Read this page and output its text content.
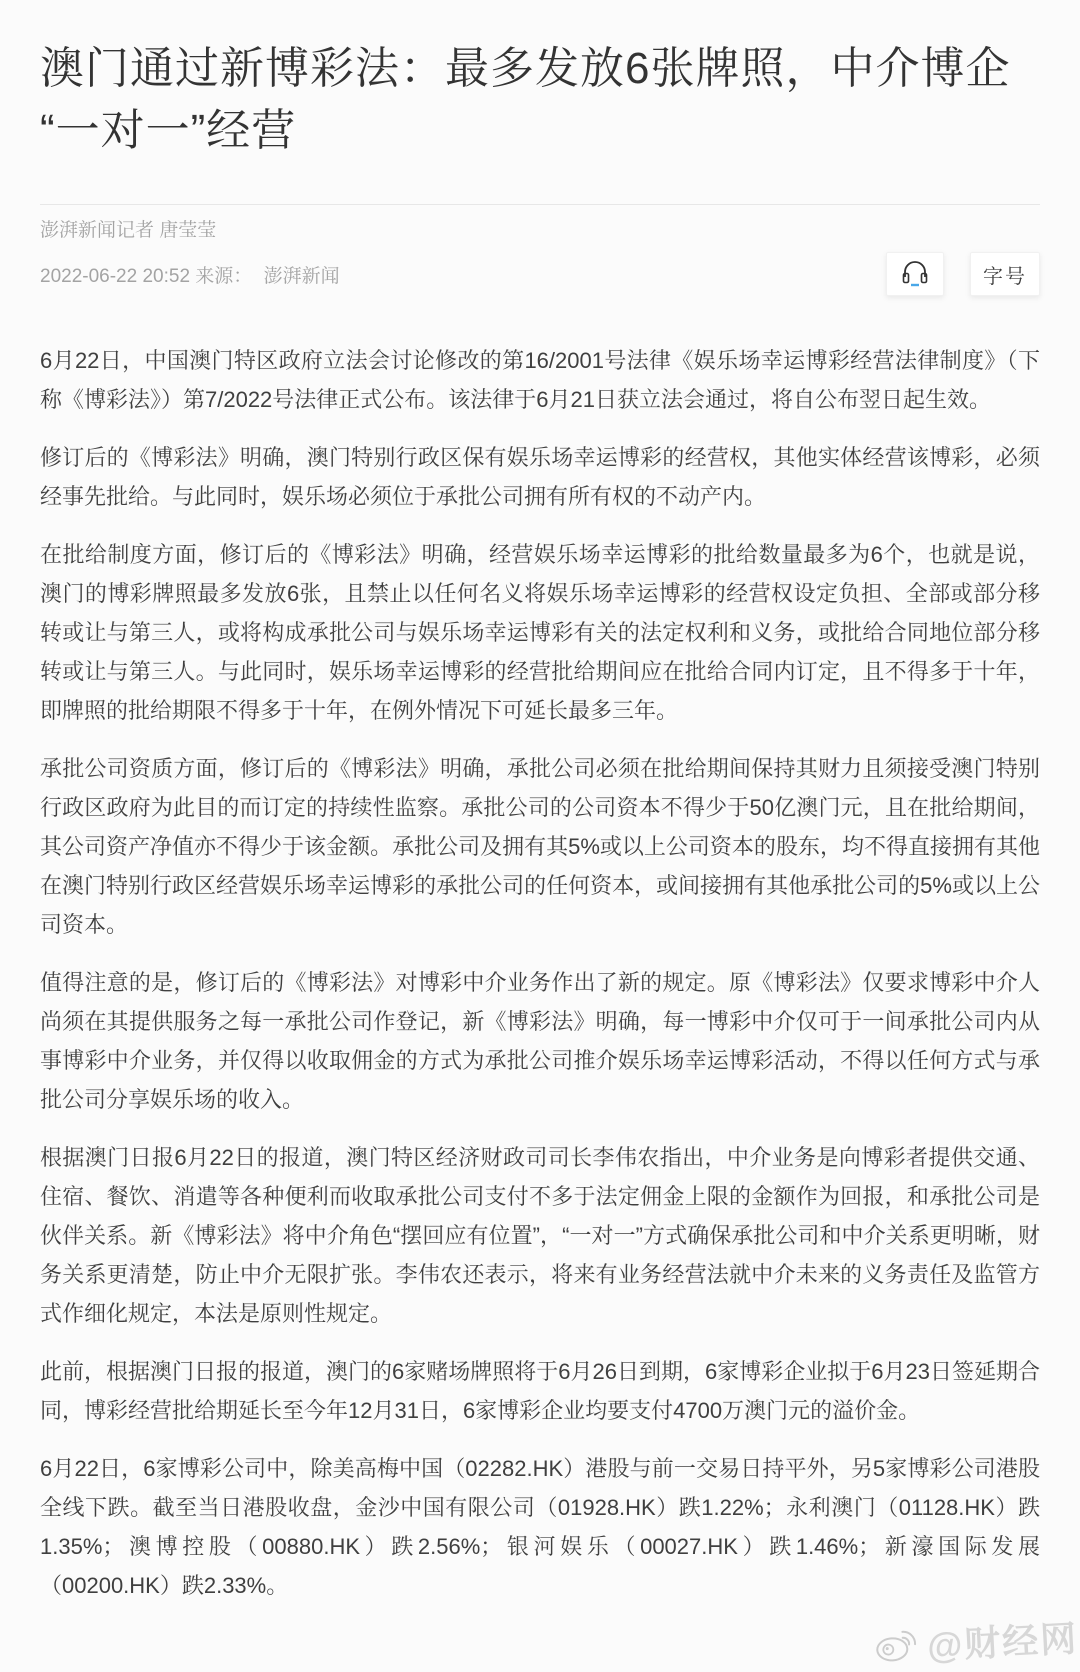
澳门通过新博彩法：最多发放6张牌照，中介博企“一对一”经营
澎湃新闻记者 唐莹莹
2022-06-22 20:52 来源： 澎湃新闻	字号

6月22日，中国澳门特区政府立法会讨论修改的第16/2001号法律《娱乐场幸运博彩经营法律制度》（下称《博彩法》）第7/2022号法律正式公布。该法律于6月21日获立法会通过，将自公布翌日起生效。

修订后的《博彩法》明确，澳门特别行政区保有娱乐场幸运博彩的经营权，其他实体经营该博彩，必须经事先批给。与此同时，娱乐场必须位于承批公司拥有所有权的不动产内。

在批给制度方面，修订后的《博彩法》明确，经营娱乐场幸运博彩的批给数量最多为6个，也就是说，澳门的博彩牌照最多发放6张，且禁止以任何名义将娱乐场幸运博彩的经营权设定负担、全部或部分移转或让与第三人，或将构成承批公司与娱乐场幸运博彩有关的法定权利和义务，或批给合同地位部分移转或让与第三人。与此同时，娱乐场幸运博彩的经营批给期间应在批给合同内订定，且不得多于十年，即牌照的批给期限不得多于十年，在例外情况下可延长最多三年。

承批公司资质方面，修订后的《博彩法》明确，承批公司必须在批给期间保持其财力且须接受澳门特别行政区政府为此目的而订定的持续性监察。承批公司的公司资本不得少于50亿澳门元，且在批给期间，其公司资产净值亦不得少于该金额。承批公司及拥有其5%或以上公司资本的股东，均不得直接拥有其他在澳门特别行政区经营娱乐场幸运博彩的承批公司的任何资本，或间接拥有其他承批公司的5%或以上公司资本。

值得注意的是，修订后的《博彩法》对博彩中介业务作出了新的规定。原《博彩法》仅要求博彩中介人尚须在其提供服务之每一承批公司作登记，新《博彩法》明确，每一博彩中介仅可于一间承批公司内从事博彩中介业务，并仅得以收取佣金的方式为承批公司推介娱乐场幸运博彩活动，不得以任何方式与承批公司分享娱乐场的收入。

根据澳门日报6月22日的报道，澳门特区经济财政司司长李伟农指出，中介业务是向博彩者提供交通、住宿、餐饮、消遣等各种便利而收取承批公司支付不多于法定佣金上限的金额作为回报，和承批公司是伙伴关系。新《博彩法》将中介角色“摆回应有位置”，“一对一”方式确保承批公司和中介关系更明晰，财务关系更清楚，防止中介无限扩张。李伟农还表示，将来有业务经营法就中介未来的义务责任及监管方式作细化规定，本法是原则性规定。

此前，根据澳门日报的报道，澳门的6家赌场牌照将于6月26日到期，6家博彩企业拟于6月23日签延期合同，博彩经营批给期延长至今年12月31日，6家博彩企业均要支付4700万澳门元的溢价金。

6月22日，6家博彩公司中，除美高梅中国（02282.HK）港股与前一交易日持平外，另5家博彩公司港股全线下跌。截至当日港股收盘，金沙中国有限公司（01928.HK）跌1.22%；永利澳门（01128.HK）跌1.35%；澳博控股（00880.HK）跌2.56%；银河娱乐（00027.HK）跌1.46%；新濠国际发展（00200.HK）跌2.33%。

@财经网
